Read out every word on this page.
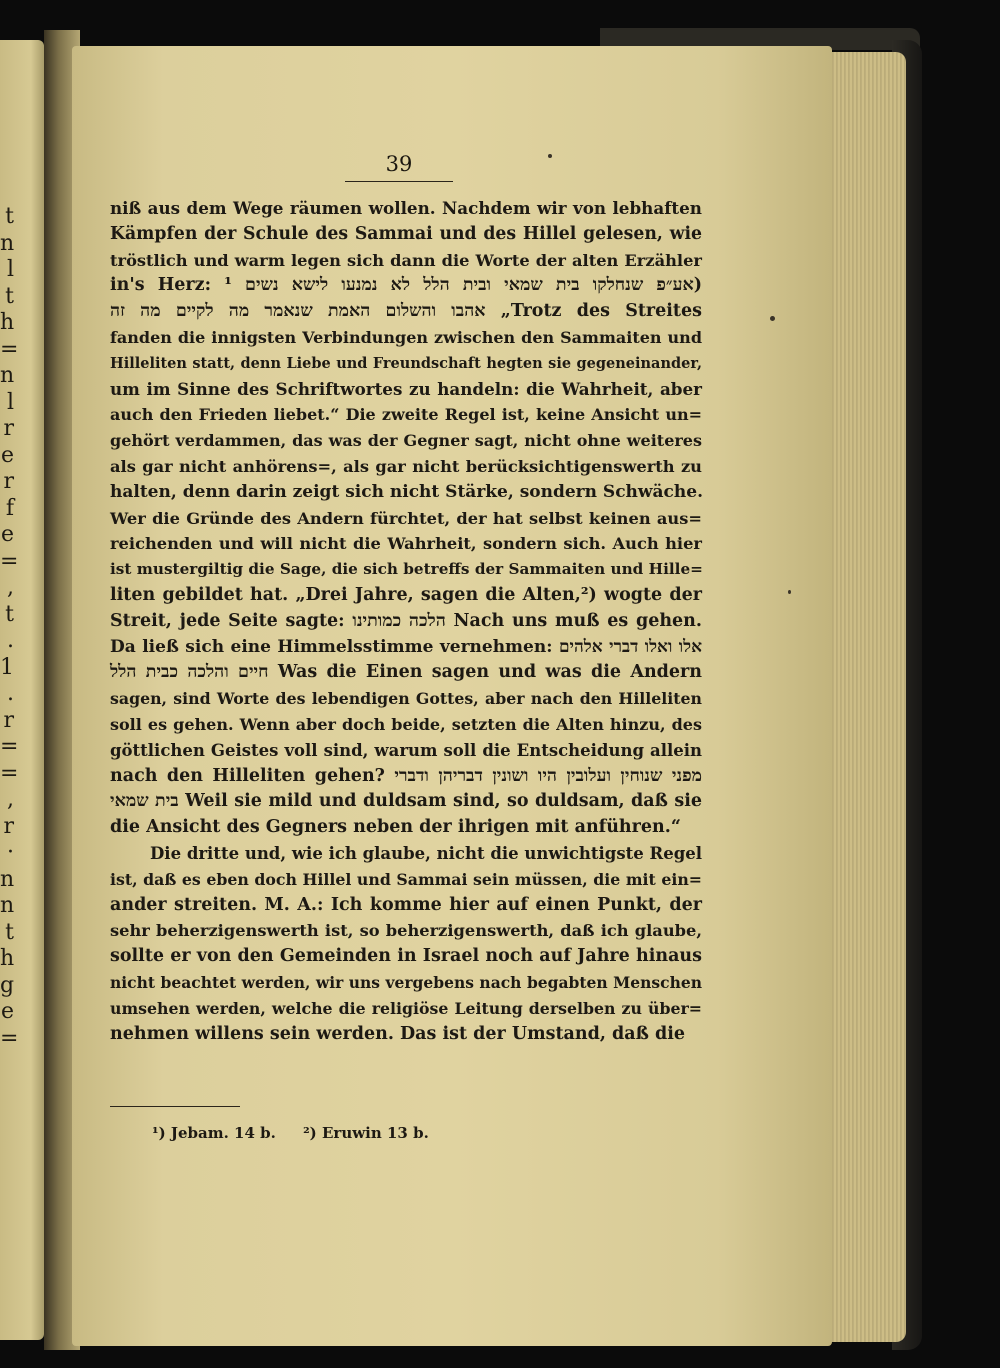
t
n
l
t
h
=
n
l
r
e
r
f
e
=
,
t
.
1
.
r
=
=
,
r
·
n
n
t
h
g
e
=
39
niß aus dem Wege räumen wollen. Nachdem wir von lebhaften
Kämpfen der Schule des Sammai und des Hillel gelesen, wie
tröstlich und warm legen sich dann die Worte der alten Erzähler
in's Herz: אע״פ שנחלקו בית שמאי ובית הלל לא נמנעו לישא נשים ¹)
אהבו והשלום האמת שנאמר מה לקיים מה זה „Trotz des Streites
fanden die innigsten Verbindungen zwischen den Sammaiten und
Hilleliten statt, denn Liebe und Freundschaft hegten sie gegeneinander,
um im Sinne des Schriftwortes zu handeln: die Wahrheit, aber
auch den Frieden liebet.“ Die zweite Regel ist, keine Ansicht un=
gehört verdammen, das was der Gegner sagt, nicht ohne weiteres
als gar nicht anhörens=, als gar nicht berücksichtigenswerth zu
halten, denn darin zeigt sich nicht Stärke, sondern Schwäche.
Wer die Gründe des Andern fürchtet, der hat selbst keinen aus=
reichenden und will nicht die Wahrheit, sondern sich. Auch hier
ist mustergiltig die Sage, die sich betreffs der Sammaiten und Hille=
liten gebildet hat. „Drei Jahre, sagen die Alten,²) wogte der
Streit, jede Seite sagte: הלכה כמותינו Nach uns muß es gehen.
Da ließ sich eine Himmelsstimme vernehmen: אלו ואלו דברי אלהים
חיים והלכה כבית הלל Was die Einen sagen und was die Andern
sagen, sind Worte des lebendigen Gottes, aber nach den Hilleliten
soll es gehen. Wenn aber doch beide, setzten die Alten hinzu, des
göttlichen Geistes voll sind, warum soll die Entscheidung allein
nach den Hilleliten gehen? מפני שנוחין ועלובין היו ושונין דבריהן ודברי
בית שמאי Weil sie mild und duldsam sind, so duldsam, daß sie
die Ansicht des Gegners neben der ihrigen mit anführen.“
Die dritte und, wie ich glaube, nicht die unwichtigste Regel
ist, daß es eben doch Hillel und Sammai sein müssen, die mit ein=
ander streiten. M. A.: Ich komme hier auf einen Punkt, der
sehr beherzigenswerth ist, so beherzigenswerth, daß ich glaube,
sollte er von den Gemeinden in Israel noch auf Jahre hinaus
nicht beachtet werden, wir uns vergebens nach begabten Menschen
umsehen werden, welche die religiöse Leitung derselben zu über=
nehmen willens sein werden. Das ist der Umstand, daß die
¹) Jebam. 14 b. ²) Eruwin 13 b.
